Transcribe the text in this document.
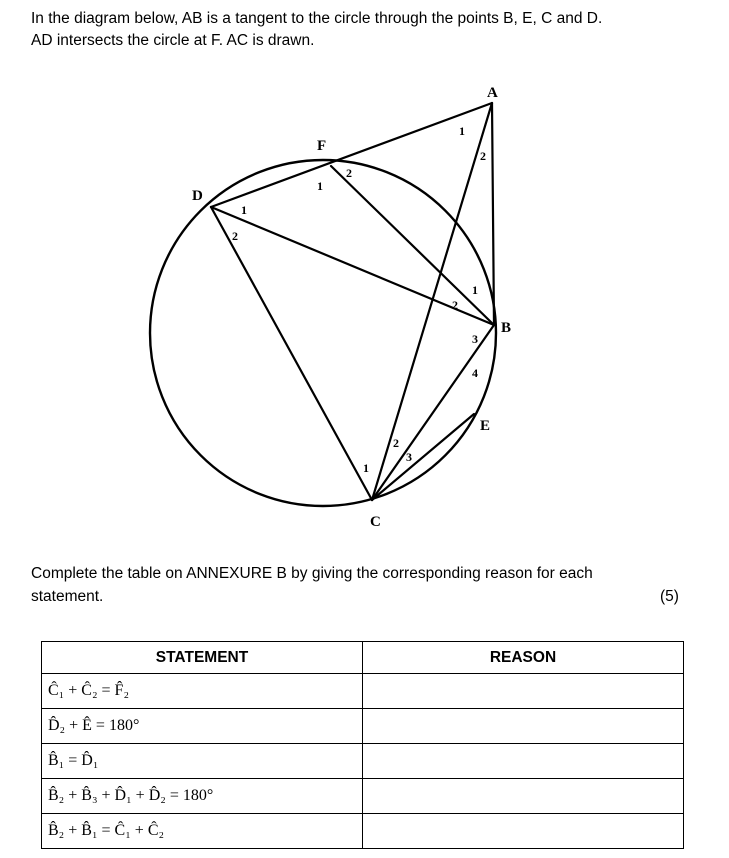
In the diagram below, AB is a tangent to the circle through the points B, E, C and D.

AD intersects the circle at F. AC is drawn.

A
F
D
B
E
C
1
2
1
2
1
2
1
2
3
4
1
2
3
Complete the table on ANNEXURE B by giving the corresponding reason for each statement.	(5)
STATEMENT	REASON
Ĉ₁ + Ĉ₂ = F̂₂	
D̂₂ + Ê = 180°	
B̂₁ = D̂₁	
B̂₂ + B̂₃ + D̂₁ + D̂₂ = 180°	
B̂₂ + B̂₁ = Ĉ₁ + Ĉ₂	
